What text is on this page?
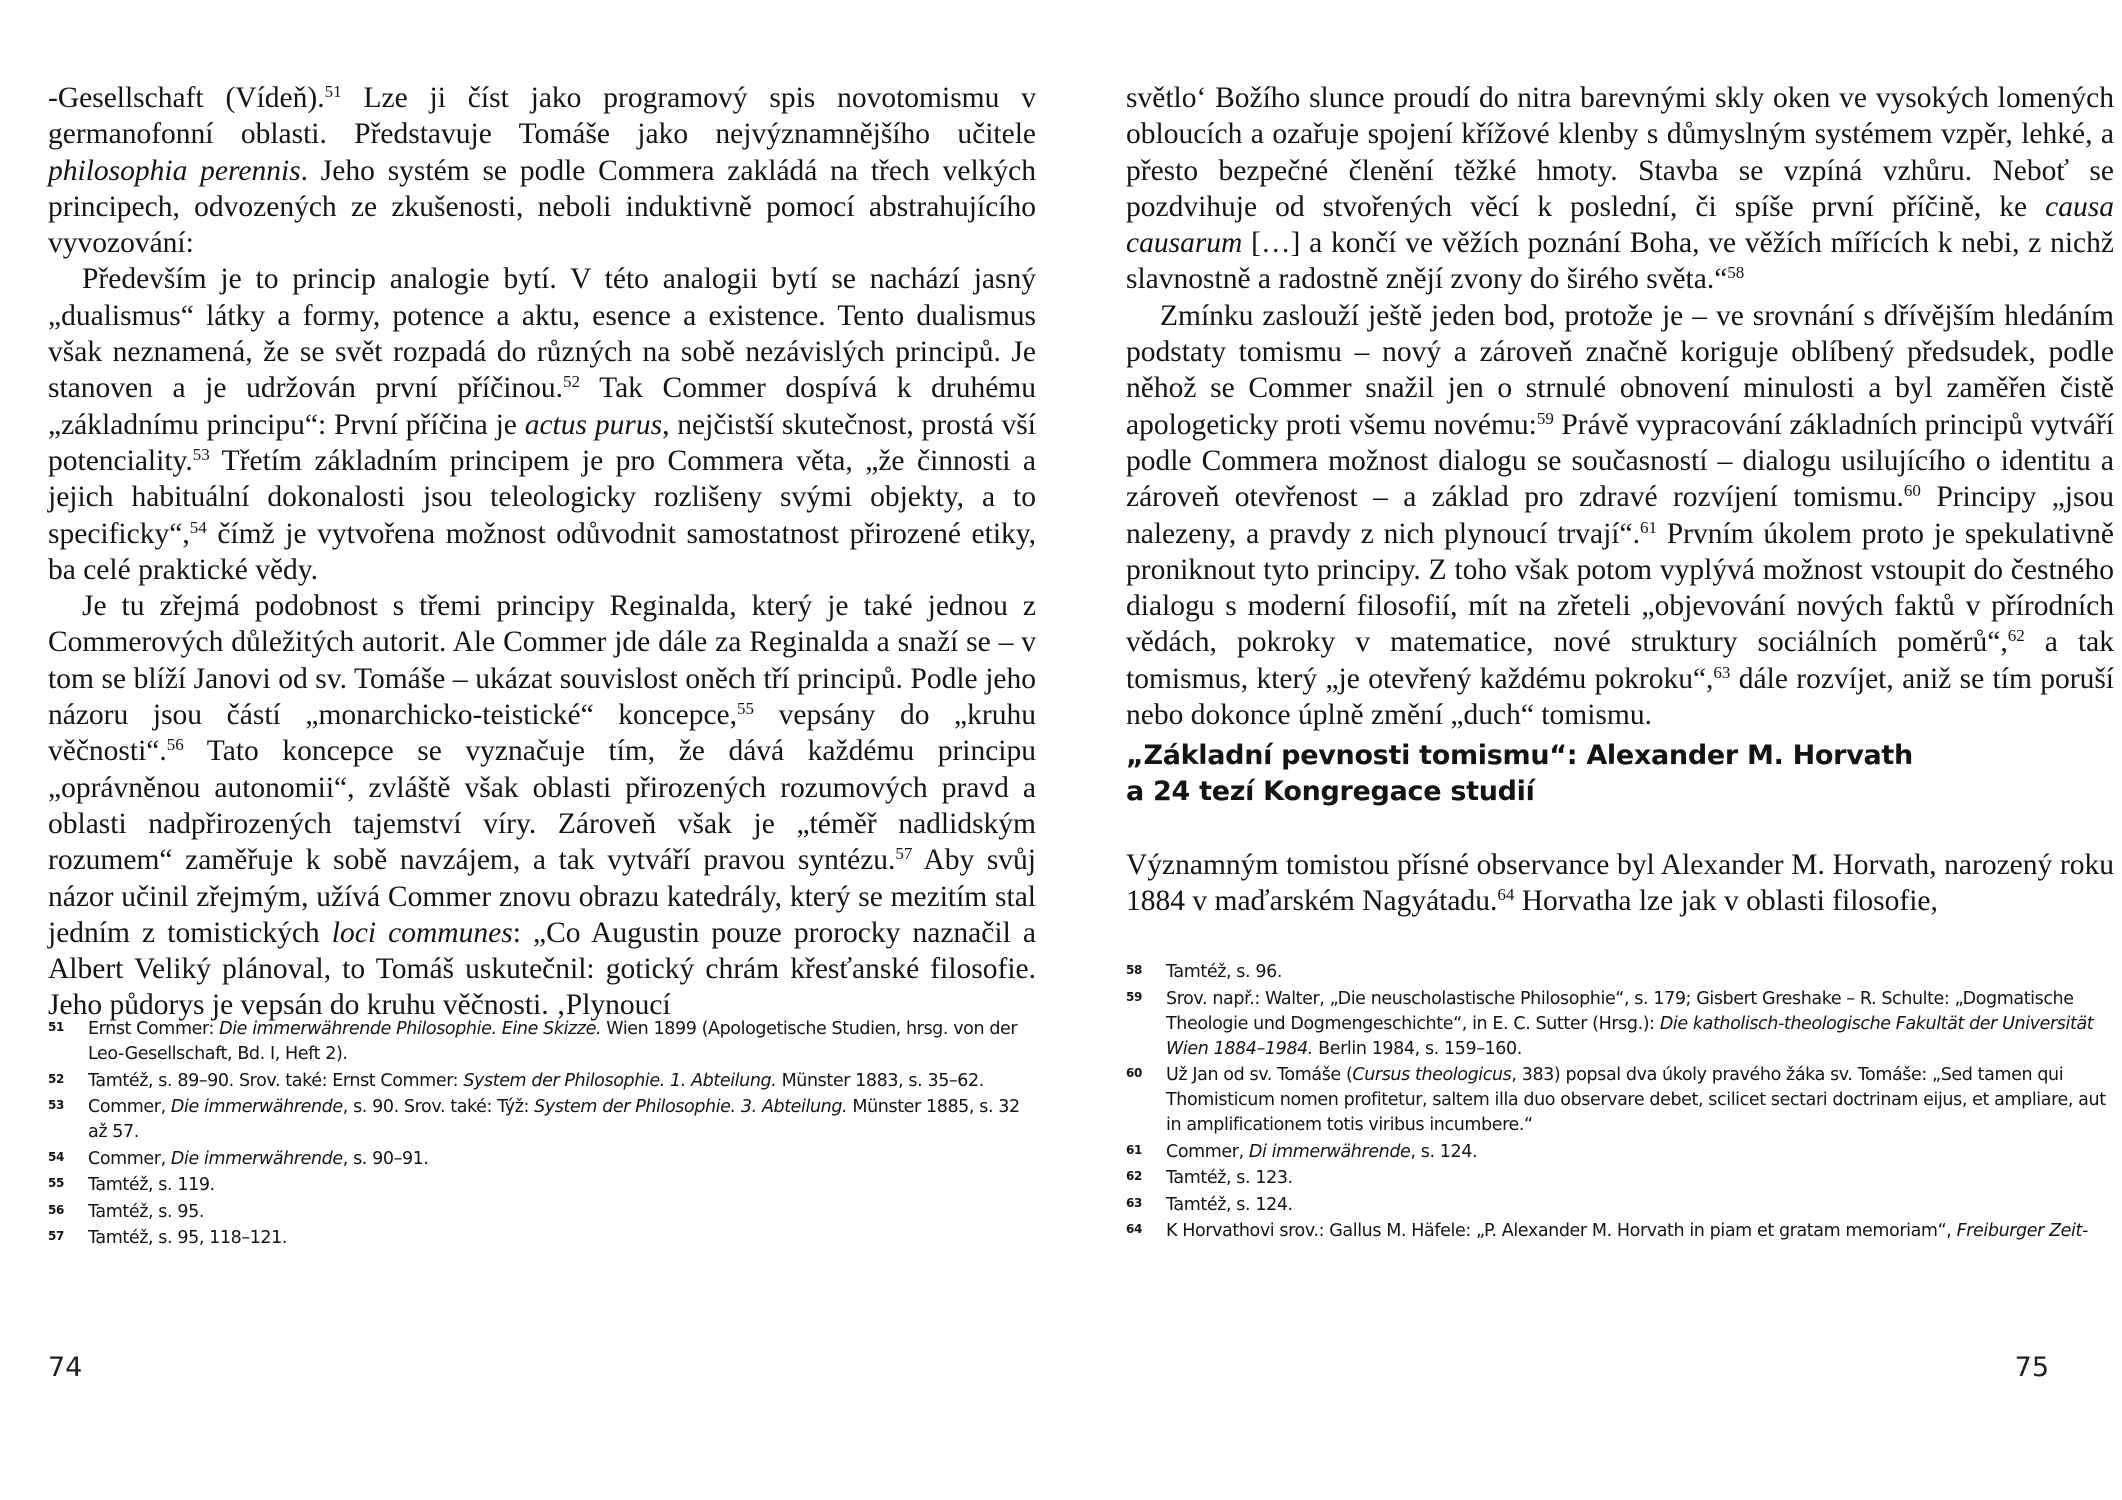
-Gesellschaft (Vídeň).$^{51}$ Lze ji číst jako programový spis novotomismu v germanofonní oblasti. Představuje Tomáše jako nejvýznamnějšího učitele philosophia perennis. Jeho systém se podle Commera zakládá na třech velkých principech, odvozených ze zkušenosti, neboli induktivně pomocí abstrahujícího vyvozování:

Především je to princip analogie bytí. V této analogii bytí se nachází jasný „dualismus“ látky a formy, potence a aktu, esence a existence. Tento dualismus však neznamená, že se svět rozpadá do různých na sobě nezávislých principů. Je stanoven a je udržován první příčinou.$^{52}$ Tak Commer dospívá k druhému „základnímu principu“: První příčina je actus purus, nejčistší skutečnost, prostá vší potenciality.$^{53}$ Třetím základním principem je pro Commera věta, „že činnosti a jejich habituální dokonalosti jsou teleologicky rozlišeny svými objekty, a to specificky“,$^{54}$ čímž je vytvořena možnost odůvodnit samostatnost přirozené etiky, ba celé praktické vědy.

Je tu zřejmá podobnost s třemi principy Reginalda, který je také jednou z Commerových důležitých autorit. Ale Commer jde dále za Reginalda a snaží se – v tom se blíží Janovi od sv. Tomáše – ukázat souvislost oněch tří principů. Podle jeho názoru jsou částí „monarchicko-teistické“ koncepce,$^{55}$ vepsány do „kruhu věčnosti“.$^{56}$ Tato koncepce se vyznačuje tím, že dává každému principu „oprávněnou autonomii“, zvláště však oblasti přirozených rozumových pravd a oblasti nadpřirozených tajemství víry. Zároveň však je „téměř nadlidským rozumem“ zaměřuje k sobě navzájem, a tak vytváří pravou syntézu.$^{57}$ Aby svůj názor učinil zřejmým, užívá Commer znovu obrazu katedrály, který se mezitím stal jedním z tomistických loci communes: „Co Augustin pouze prorocky naznačil a Albert Veliký plánoval, to Tomáš uskutečnil: gotický chrám křesťanské filosofie. Jeho půdorys je vepsán do kruhu věčnosti. ‚Plynoucí

51 Ernst Commer: Die immerwährende Philosophie. Eine Skizze. Wien 1899 (Apologetische Studien, hrsg. von der Leo-Gesellschaft, Bd. I, Heft 2).
52 Tamtéž, s. 89–90. Srov. také: Ernst Commer: System der Philosophie. 1. Abteilung. Münster 1883, s. 35–62.
53 Commer, Die immerwährende, s. 90. Srov. také: Týž: System der Philosophie. 3. Abteilung. Münster 1885, s. 32 až 57.
54 Commer, Die immerwährende, s. 90–91.
55 Tamtéž, s. 119.
56 Tamtéž, s. 95.
57 Tamtéž, s. 95, 118–121.
74

světlo‘ Božího slunce proudí do nitra barevnými skly oken ve vysokých lomených obloucích a ozařuje spojení křížové klenby s důmyslným systémem vzpěr, lehké, a přesto bezpečné členění těžké hmoty. Stavba se vzpíná vzhůru. Neboť se pozdvihuje od stvořených věcí k poslední, či spíše první příčině, ke causa causarum […] a končí ve věžích poznání Boha, ve věžích mířících k nebi, z nichž slavnostně a radostně znějí zvony do širého světa.“$^{58}$

Zmínku zaslouží ještě jeden bod, protože je – ve srovnání s dřívějším hledáním podstaty tomismu – nový a zároveň značně koriguje oblíbený předsudek, podle něhož se Commer snažil jen o strnulé obnovení minulosti a byl zaměřen čistě apologeticky proti všemu novému:$^{59}$ Právě vypracování základních principů vytváří podle Commera možnost dialogu se současností – dialogu usilujícího o identitu a zároveň otevřenost – a základ pro zdravé rozvíjení tomismu.$^{60}$ Principy „jsou nalezeny, a pravdy z nich plynoucí trvají“.$^{61}$ Prvním úkolem proto je spekulativně proniknout tyto principy. Z toho však potom vyplývá možnost vstoupit do čestného dialogu s moderní filosofií, mít na zřeteli „objevování nových faktů v přírodních vědách, pokroky v matematice, nové struktury sociálních poměrů“,$^{62}$ a tak tomismus, který „je otevřený každému pokroku“,$^{63}$ dále rozvíjet, aniž se tím poruší nebo dokonce úplně změní „duch“ tomismu.

„Základní pevnosti tomismu“: Alexander M. Horvath
a 24 tezí Kongregace studií

Významným tomistou přísné observance byl Alexander M. Horvath, narozený roku 1884 v maďarském Nagyátadu.$^{64}$ Horvatha lze jak v oblasti filosofie,

58 Tamtéž, s. 96.
59 Srov. např.: Walter, „Die neuscholastische Philosophie“, s. 179; Gisbert Greshake – R. Schulte: „Dogmatische Theologie und Dogmengeschichte“, in E. C. Sutter (Hrsg.): Die katholisch-theologische Fakultät der Universität Wien 1884–1984. Berlin 1984, s. 159–160.
60 Už Jan od sv. Tomáše (Cursus theologicus, 383) popsal dva úkoly pravého žáka sv. Tomáše: „Sed tamen qui Thomisticum nomen profitetur, saltem illa duo observare debet, scilicet sectari doctrinam eijus, et ampliare, aut in amplificationem totis viribus incumbere.“
61 Commer, Di immerwährende, s. 124.
62 Tamtéž, s. 123.
63 Tamtéž, s. 124.
64 K Horvathovi srov.: Gallus M. Häfele: „P. Alexander M. Horvath in piam et gratam memoriam“, Freiburger Zeit-
75
